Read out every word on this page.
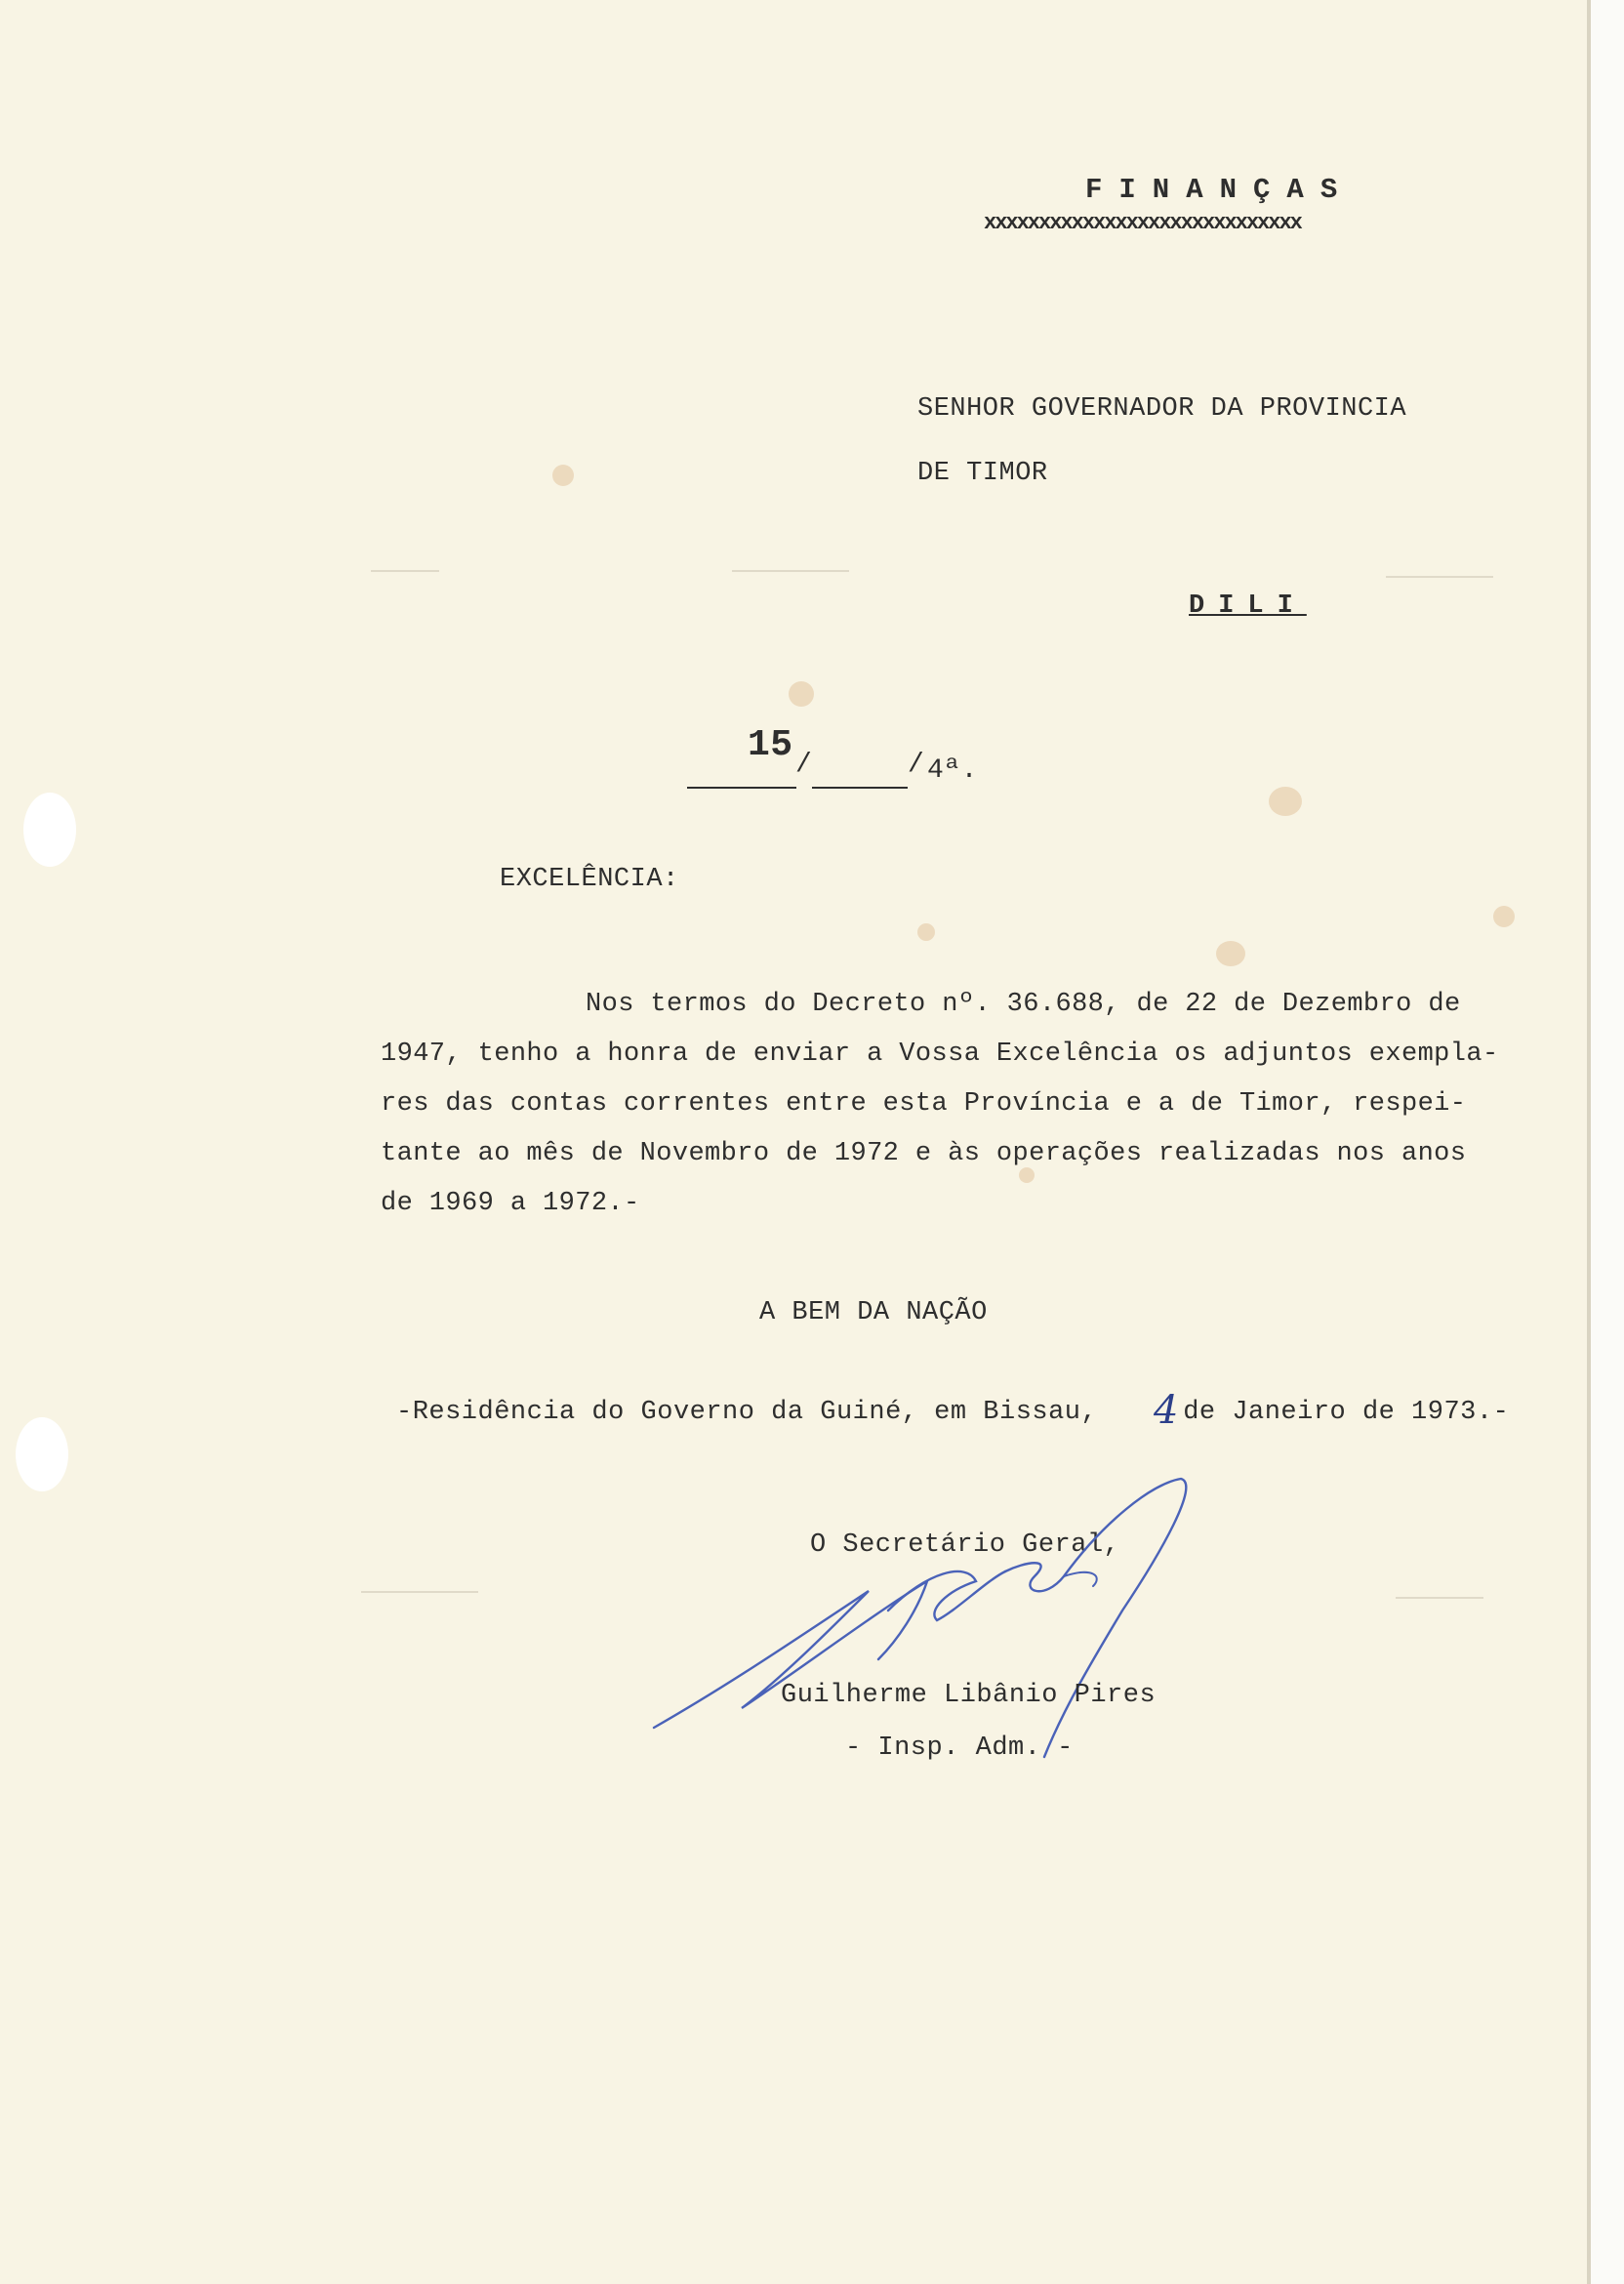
FINANÇAS
xxxxxxxxxxxxxxxxxxxxxxxxxxxxx
SENHOR GOVERNADOR DA PROVINCIA
DE TIMOR
DILI
15 /	/ 4ª.
EXCELÊNCIA:
Nos termos do Decreto nº. 36.688, de 22 de Dezembro de
1947, tenho a honra de enviar a Vossa Excelência os adjuntos exempla-
res das contas correntes entre esta Província e a de Timor, respei-
tante ao mês de Novembro de 1972 e às operações realizadas nos anos
de 1969 a 1972.-
A BEM DA NAÇÃO
-Residência do Governo da Guiné, em Bissau,	de Janeiro de 1973.-
4
O Secretário Geral,
Guilherme Libânio Pires
- Insp. Adm. -
